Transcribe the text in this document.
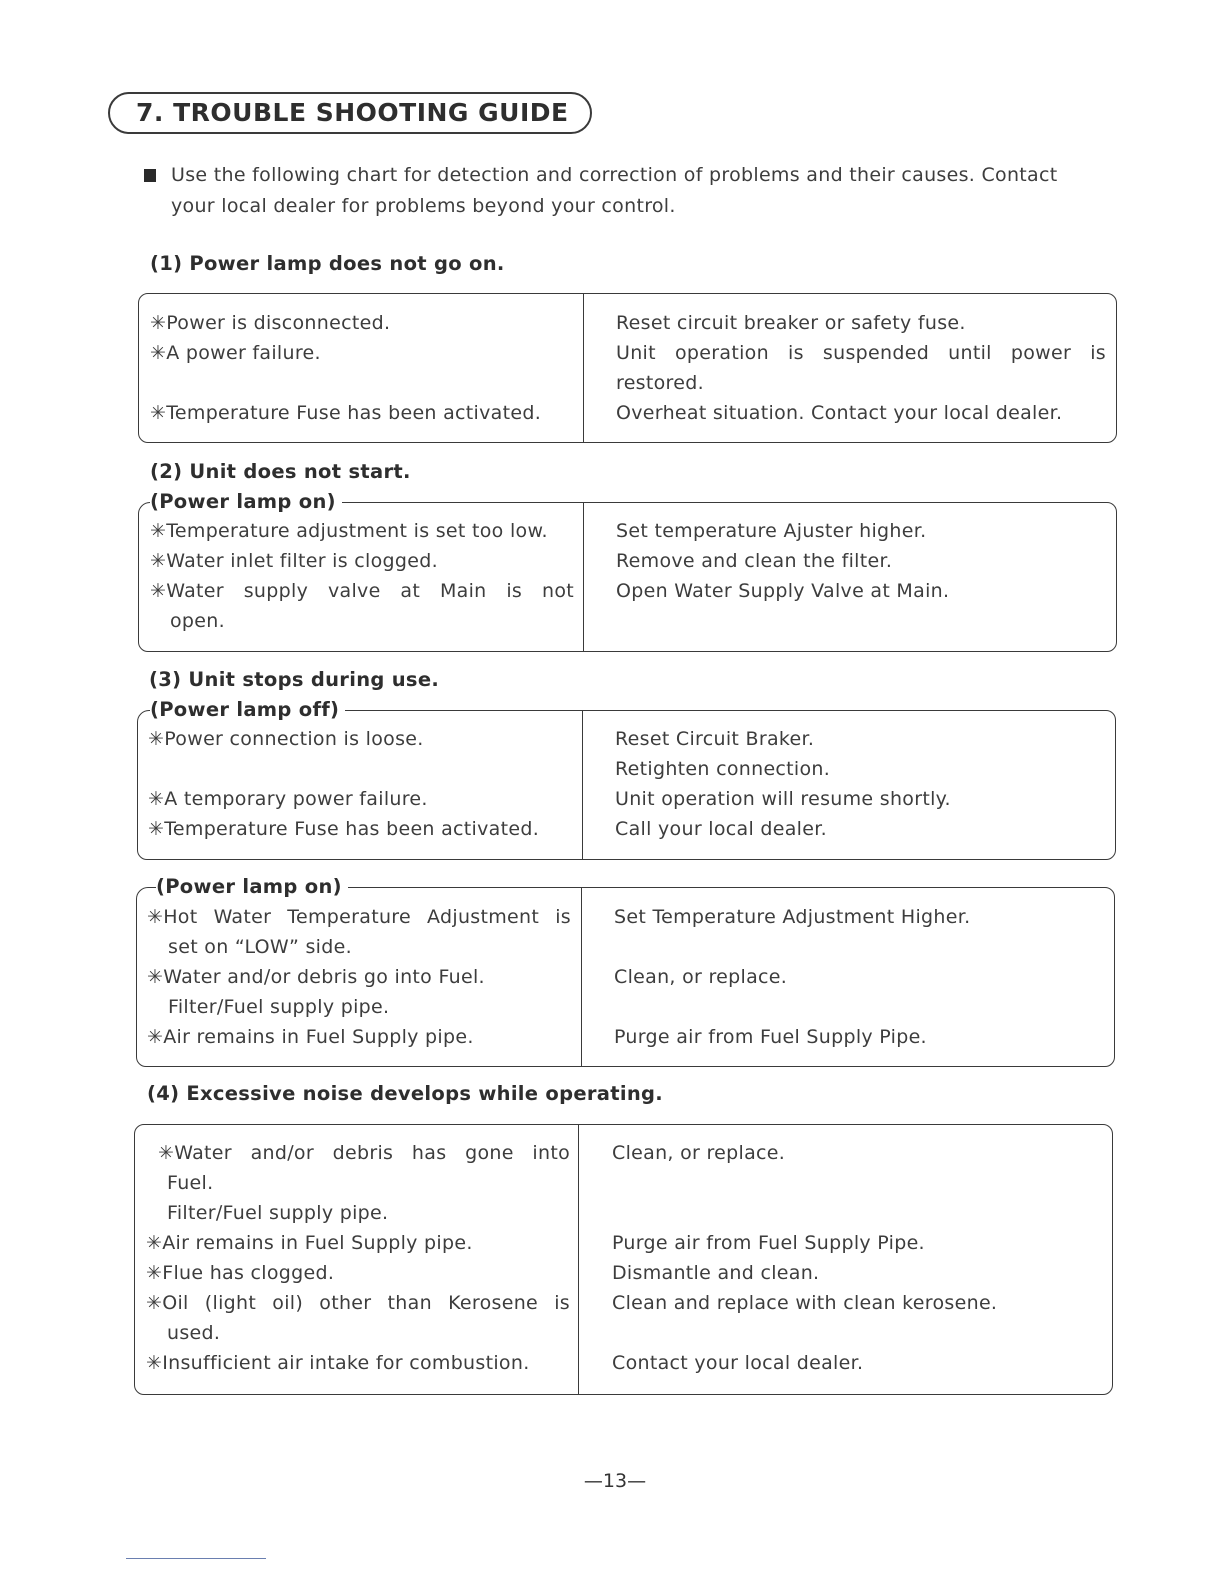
7. TROUBLE SHOOTING GUIDE
Use the following chart for detection and correction of problems and their causes. Contact
your local dealer for problems beyond your control.
(1) Power lamp does not go on.
✳Power is disconnected.
✳A power failure.
✳Temperature Fuse has been activated.
Reset circuit breaker or safety fuse.
Unit operation is suspended until power is
restored.
Overheat situation. Contact your local dealer.
(2) Unit does not start.
(Power lamp on)
✳Temperature adjustment is set too low.
✳Water inlet filter is clogged.
✳Water supply valve at Main is not
open.
Set temperature Ajuster higher.
Remove and clean the filter.
Open Water Supply Valve at Main.
(3) Unit stops during use.
(Power lamp off)
✳Power connection is loose.
✳A temporary power failure.
✳Temperature Fuse has been activated.
Reset Circuit Braker.
Retighten connection.
Unit operation will resume shortly.
Call your local dealer.
(Power lamp on)
✳Hot Water Temperature Adjustment is
set on “LOW” side.
✳Water and∕or debris go into Fuel.
Filter∕Fuel supply pipe.
✳Air remains in Fuel Supply pipe.
Set Temperature Adjustment Higher.
Clean, or replace.
Purge air from Fuel Supply Pipe.
(4) Excessive noise develops while operating.
✳Water and∕or debris has gone into
Fuel.
Filter∕Fuel supply pipe.
✳Air remains in Fuel Supply pipe.
✳Flue has clogged.
✳Oil (light oil) other than Kerosene is
used.
✳Insufficient air intake for combustion.
Clean, or replace.
Purge air from Fuel Supply Pipe.
Dismantle and clean.
Clean and replace with clean kerosene.
Contact your local dealer.
—13—
